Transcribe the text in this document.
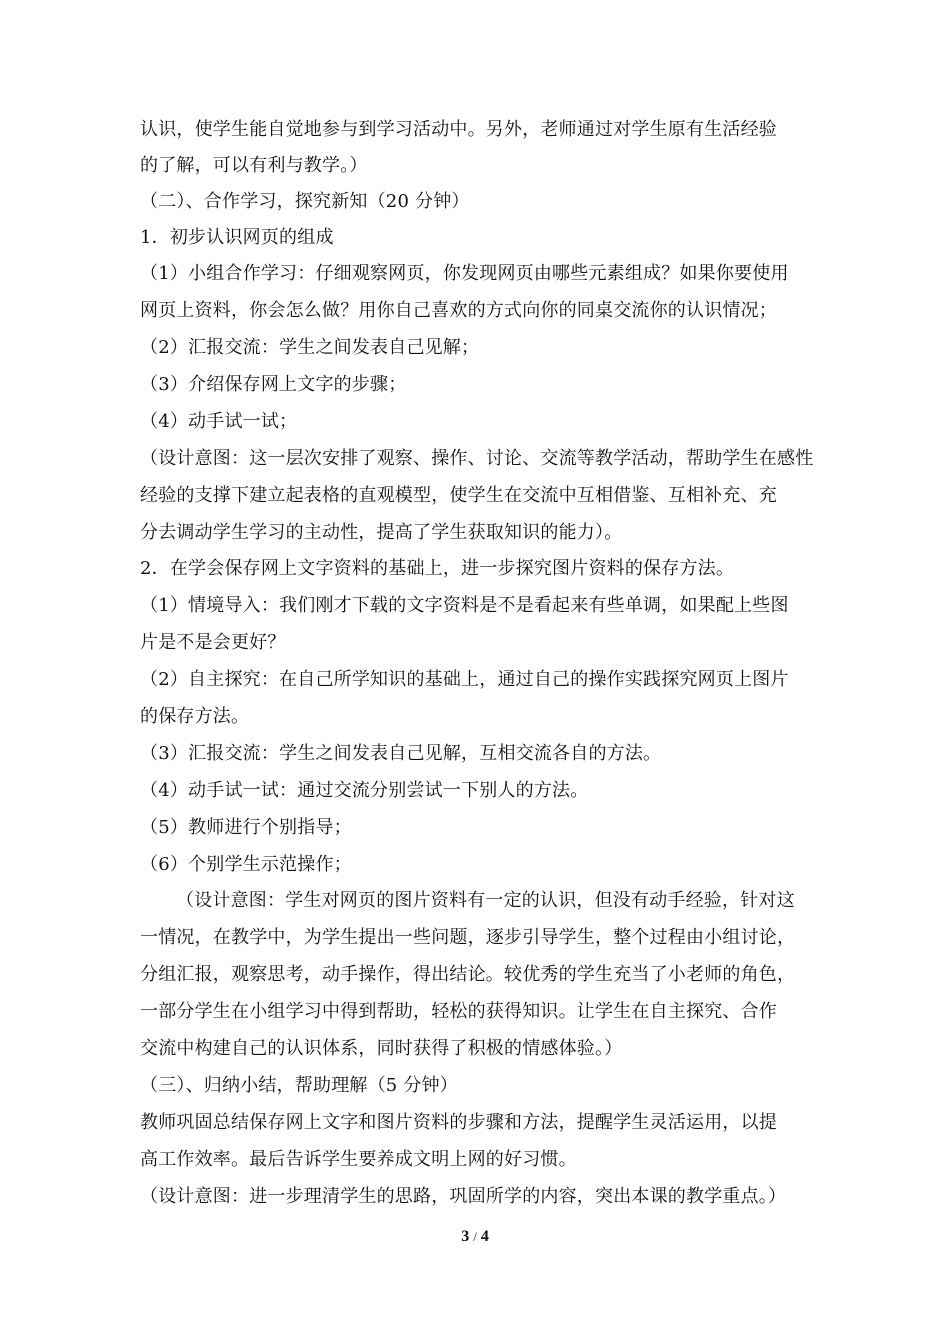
认识，使学生能自觉地参与到学习活动中。另外，老师通过对学生原有生活经验
的了解，可以有利与教学。）
（二）、合作学习，探究新知（20 分钟）
1．初步认识网页的组成
（1）小组合作学习：仔细观察网页，你发现网页由哪些元素组成？如果你要使用
网页上资料，你会怎么做？用你自己喜欢的方式向你的同桌交流你的认识情况；
（2）汇报交流：学生之间发表自己见解；
（3）介绍保存网上文字的步骤；
（4）动手试一试；
（设计意图：这一层次安排了观察、操作、讨论、交流等教学活动，帮助学生在感性
经验的支撑下建立起表格的直观模型，使学生在交流中互相借鉴、互相补充、充
分去调动学生学习的主动性，提高了学生获取知识的能力）。
2．在学会保存网上文字资料的基础上，进一步探究图片资料的保存方法。
（1）情境导入：我们刚才下载的文字资料是不是看起来有些单调，如果配上些图
片是不是会更好？
（2）自主探究：在自己所学知识的基础上，通过自己的操作实践探究网页上图片
的保存方法。
（3）汇报交流：学生之间发表自己见解，互相交流各自的方法。
（4）动手试一试：通过交流分别尝试一下别人的方法。
（5）教师进行个别指导；
（6）个别学生示范操作；
（设计意图：学生对网页的图片资料有一定的认识，但没有动手经验，针对这
一情况，在教学中，为学生提出一些问题，逐步引导学生，整个过程由小组讨论，
分组汇报，观察思考，动手操作，得出结论。较优秀的学生充当了小老师的角色，
一部分学生在小组学习中得到帮助，轻松的获得知识。让学生在自主探究、合作
交流中构建自己的认识体系，同时获得了积极的情感体验。）
（三）、归纳小结，帮助理解（5 分钟）
教师巩固总结保存网上文字和图片资料的步骤和方法，提醒学生灵活运用，以提
高工作效率。最后告诉学生要养成文明上网的好习惯。
（设计意图：进一步理清学生的思路，巩固所学的内容，突出本课的教学重点。）
3 / 4
